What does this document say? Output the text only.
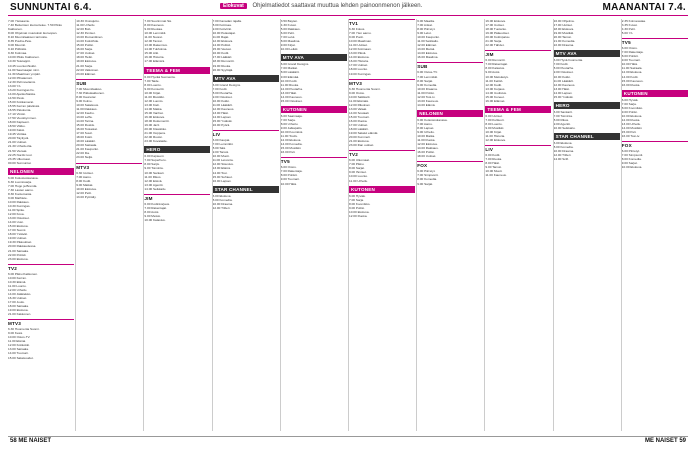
SUNNUNTAI 6.4.	Elokuvat Ohjelmatiedot saattavat muuttua lehden painoonmenon jälkeen.	MAANANTAI 7.4.
7.00 Yleisaamu.
7.40 Bettersten kiemurtelee. 7.50 Pikku Kakkonen.
8.00 Ohjelmat muutoksin Euroopan.
8.10 Muumilaakson tarinoita.
8.35 Puuha-Pete.
9.00 Muumit.
9.10 Pöllöstä.
9.30 Kotimaa.
10.00 Pikku Kakkonen.
10.30 Teletappit.
10.45 Luontonhiukki.
11.00 Saarnaajan nimi.
11.30 Maailman ympäri.
12.00 Pihatanssit.
12.30 Pehmoelamä.
13.00 Yö.
13.20 Kuningas Ilo.
14.00 Ajankohtaista.
14.50 Pesä.
15.00 Kotikamerat.
15.55 Kerran päivässä.
16.55 Palokunta.
17.10 Vinski.
17.50 Vuosikymmen.
18.00 Kapteeni.
18.50 Viikko.
19.00 Kaksi.
19.45 Voittaa.
20.00 Täyttyvä.
21.00 Uutiset.
21.30 Urheilu-ilta.
21.50 Vieraat.
22.25 Nordic tour.
23.35 Ulkomaat.
00.00 Sunnuntai.
NELONEN
6.00 Kotiostoskanava.
6.30 Luontosarja.
7.00 Hugo ja Brenda.
7.30 Lasten aamu.
8.30 Kuolemasta.
9.00 Mathlete.
10.00 Rakkaus.
10.30 Kuningas.
11.00 Spike.
12.00 Kova.
13.00 Ostokset.
14.00 Uusi.
15.00 Elokuva.
17.00 Suomi.
18.00 Ystävät.
19.00 Uutiset.
19.30 Pääuutiset.
20.00 Rakkaudessa.
21.00 Sairaala.
22.00 Poliisit.
23.00 Elokuva.
TV2
6.00 Pikku Kakkonen.
10.00 Kerran.
10.30 Elämä.
11.00 Luonto.
12.00 Urheilu.
14.00 Jääkiekko.
16.30 Uutiset.
17.00 Joulu.
18.00 Sairaala.
19.00 Elokuva.
21.00 Kakkonen.
MTV3
6.30 Huomenta Suomi.
9.00 Kesä.
10.00 Ostos-TV.
11.00 Elämä.
12.00 Kotikokki.
13.00 Sairaala.
14.00 Tuomari.
15.00 Salaisuudet.
10.30 Ostosjuttu.
11.00 Urheilu.
12.00 Bob.
12.30 Ihmiset.
13.00 Romanttinen.
14.00 Kotiviihde.
15.00 Poliisi.
16.00 Sarja.
17.00 Uutiset.
18.00 Hetki.
19.00 Elokuva.
21.00 Sarja.
22.00 Valkoinen.
23.00 Eläimet.
SUB
7.00 Muumilaakso.
7.30 Pikkukakkonen.
8.00 Kaunotar.
9.00 Kolme.
10.00 Salaisuus.
11.00 Rakkaus.
12.00 Kauhu.
13.00 Leffa.
14.00 Tarina.
15.00 Roskis.
16.00 Tosiasiat.
17.00 Suuri.
18.00 Kokit.
19.00 Lääkäri.
20.00 Sairaala.
21.00 Kaupunki.
22.00 Ilta.
23.00 Neljä.
MTV3
6.30 Uutiset.
7.00 Aamu.
8.00 Kodit.
9.00 Matkat.
10.00 Elokuva.
12.00 Pelit.
13.00 Pyöräily.
7.00 Suurimmat Sä.
8.00 Kauneus.
9.00 Ruokaa.
10.00 Lemmikit.
11.00 Nuoret.
12.00 Tanssi.
13.00 Rakennus.
14.00 Tukholma.
15.00 Arki.
16.00 Historia.
17.00 Elämäni.
TEEMA & FEM
6.00 Hyvää huomenta.
7.00 Taide.
8.00 Luento.
9.00 Konsertti.
10.00 Kirjat.
11.00 Musiikki.
12.00 Luonto.
13.00 Kieli.
14.00 Matka.
15.00 Vanhat.
16.00 Elokuva.
18.00 Dokumentti.
19.00 Jazz.
20.00 Klassikko.
21.00 Ooppera.
22.00 Ruotsi.
23.00 Kuvataide.
HERO
6.00 Kapteeni.
7.00 Superhero.
8.00 Sarjis.
9.00 Toiminta.
10.00 Sankari.
11.00 Rikos.
12.00 Etsivä.
13.00 Agentti.
14.00 Seikkailu.
JIM
6.00 Kodinkorjaus.
7.00 Rakentajat.
8.00 Autot.
9.00 Metsä.
10.00 Kalastus.
7.00 Kanadan rajalla.
8.00 Kotimaa.
9.00 Kotiviinit.
10.00 Pelastajat.
11.00 Rajat.
12.00 Elokuva.
14.00 Poliisit.
15.00 Vauvat.
16.00 Kodit.
17.00 Lääkäri.
18.00 Remontti.
19.00 Ruoka.
20.00 Syyttäjä.
MTV AVA
6.00 Grand Designs.
7.00 Kodit.
8.00 Puutarha.
9.00 Ostokset.
10.00 Kokki.
11.00 Lääkärit.
12.00 Kauneus.
13.00 Häät.
14.00 Lapset.
15.00 Ystävät.
16.00 Pyörä.
LIV
6.00 Kaupat.
7.00 Lemmikki.
8.00 Sää.
9.00 Tanssi.
10.00 Muoti.
11.00 Leivonta.
12.00 Sisustus.
13.00 Elämä.
14.00 Tosi.
15.00 Suhteet.
16.00 Lapset.
STAR CHANNEL
6.00 Elokuva.
8.00 Komedia.
10.00 Draama.
12.00 Trilleri.
3.50 Baylen.
4.30 Kuvat.
5.00 Rakkaus.
6.00 Pelit.
7.00 Lelut.
8.00 Maailma.
9.00 Kirjat.
10.00 Leikki.
MTV AVA
6.00 Grand Designs.
7.00 Matkat.
8.00 Lääkärit.
9.00 Elämää.
10.00 Kodit.
11.00 Ruoka.
12.00 Puutarha.
13.00 Häät.
14.00 Kauneus.
15.00 Ostokset.
KUTONEN
6.00 Saarnaaja.
7.00 Sarja.
8.00 Urheilu.
9.00 Jalkapallo.
10.00 Koomikot.
11.00 Tositv.
12.00 Elokuva.
14.00 Komedia.
15.00 Musiikki.
16.00 Peli.
TV5
6.00 Ostos.
7.00 Rakentaja.
8.00 Poliisit.
9.00 Tuomari.
10.00 Hätä.
TV1
6.30 Fokus.
7.00 Ylen aamu.
9.00 Puoli.
10.00 Maailman.
11.00 Uutiset.
12.00 Kotimaan.
13.00 Päivä.
14.00 Elokuva.
16.00 Historia.
17.00 Uutiset.
18.00 Luonto.
19.00 Kuningas.
MTV3
6.30 Huomenta Suomi.
9.00 Ostos.
10.00 Salkkarit.
11.00 Elämää.
12.00 Rikokset.
13.00 Valaat.
14.00 Sosiaali.
15.00 Tuomari.
16.00 Ruoka.
17.00 Uutiset.
18.00 Lääkäri.
19.00 Salatut elämät.
20.00 Kummeli.
21.00 Elokuva.
23.00 Illan uutiset.
TV2
6.00 Ulkomaat.
7.00 Pikku.
8.00 Sarjat.
9.00 Ihmiset.
10.00 Luonto.
11.00 Urheilu.
KUTONEN
6.00 Hyvää.
7.00 Sarja.
8.00 Koomikko.
9.00 Poliisi.
10.00 Elokuva.
12.00 Ruoka.
6.00 Maatila.
7.00 Ankat.
8.00 Piirretyt.
9.00 Lelut.
10.00 Kaupunki.
11.00 Seikkailu.
12.00 Eläimet.
13.00 Metsä.
14.00 Elokuva.
16.00 Maailma.
SUB
6.00 Ostos-TV.
7.00 Lemmikki.
8.00 Sarjat.
9.00 Komedia.
10.00 Draama.
11.00 Poliisi.
12.00 Tosi-tv.
13.00 Kauneus.
14.00 Elämä.
NELONEN
6.00 Kotiostoskanava.
7.00 Aamu.
8.00 Lapset.
9.00 Urheilu.
10.00 Matka.
11.00 Ruoka.
12.00 Elokuva.
14.00 Rakkaus.
16.00 Poliisi.
18.00 Uutiset.
FOX
6.00 Piirretyt.
7.00 Simpsonit.
8.00 Komedia.
9.00 Sarjat.
16.00 Elokuva.
17.00 Uutiset.
18.00 Tuotanto.
19.00 Pääuutiset.
20.00 Kotiinpaluu.
21.00 Sarja.
22.00 Tähdet.
JIM
6.00 Remontti.
7.00 Rakentajat.
8.00 Kalastus.
9.00 Autot.
10.00 Metsästys.
11.00 Keittiö.
12.00 Kodit.
13.00 Korjaus.
14.00 Uudistus.
15.00 Koneet.
16.00 Eläimet.
TEEMA & FEM
6.00 Uutiset.
7.00 Kulttuuri.
8.00 Luento.
9.00 Musiikki.
10.00 Kirjat.
11.00 Historia.
12.00 Elokuva.
LIV
6.00 Kodit.
7.00 Ruoka.
8.00 Häät.
9.00 Tanssi.
10.00 Muoti.
11.00 Kauneus.
16.00 Ohjelma.
17.00 Uutiset.
18.00 Elokuva.
19.00 Musiikki.
20.00 Tanssi.
21.00 Komedia.
22.00 Draama.
MTV AVA
6.00 Hyvä huomenta.
7.00 Kodit.
8.00 Puutarha.
9.00 Ostokset.
10.00 Kokki.
11.00 Lääkärit.
12.00 Kauneus.
13.00 Häät.
14.00 Lapset.
15.00 Ystävät.
HERO
6.00 Sankarit.
7.00 Toiminta.
8.00 Rikos.
9.00 Agentti.
10.00 Seikkailu.
STAR CHANNEL
6.00 Elokuva.
8.00 Komedia.
10.00 Draama.
12.00 Trilleri.
14.00 Scifi.
2.35 Kolmesataa.
3.35 Kuvat.
4.30 Pelit.
5.00 Yö.
TV5
6.00 Ostos.
7.00 Rakentaja.
8.00 Poliisit.
9.00 Tuomari.
10.00 Hätä.
11.00 Sairaala.
12.00 Elokuva.
14.00 Kodit.
15.00 Kauneus.
16.00 Ruoka.
KUTONEN
6.00 Hyvää.
7.00 Sarja.
8.00 Koomikko.
9.00 Poliisi.
10.00 Elokuva.
12.00 Ruoka.
13.00 Urheilu.
14.00 Musiikki.
15.00 Peli.
16.00 Tosi-tv.
FOX
6.00 Piirretyt.
7.00 Simpsonit.
8.00 Komedia.
9.00 Sarjat.
10.00 Elokuva.
58 ME NAISET	ME NAISET 59
